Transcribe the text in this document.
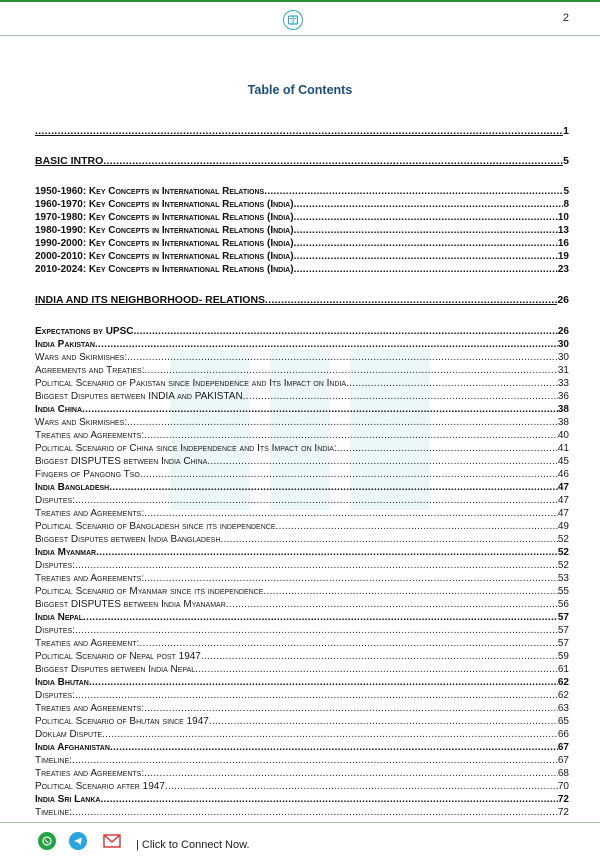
2
Table of Contents
.....
1
BASIC INTRO .....	5
1950-1960: Key Concepts in International Relations .....	5
1960-1970: Key Concepts in International Relations (India) .....	8
1970-1980: Key Concepts in International Relations (India) .....	10
1980-1990: Key Concepts in International Relations (India) .....	13
1990-2000: Key Concepts in International Relations (India) .....	16
2000-2010: Key Concepts in International Relations (India) .....	19
2010-2024: Key Concepts in International Relations (India) .....	23
INDIA AND ITS NEIGHBORHOOD- RELATIONS .....	26
Expectations by UPSC .....	26
India Pakistan .....	30
Wars and Skirmishes: .....	30
Agreements and Treaties: .....	31
Political Scenario of Pakistan since Independence and Its Impact on India .....	33
Biggest Disputes between INDIA and PAKISTAN .....	36
India China .....	38
Wars and Skirmishes: .....	38
Treaties and Agreements: .....	40
Political Scenario of China since Independence and Its Impact on India: .....	41
Biggest DISPUTES between India China .....	45
Fingers of Pangong Tso .....	46
India Bangladesh .....	47
Disputes: .....	47
Treaties and Agreements: .....	47
Political Scenario of Bangladesh since its independence .....	49
Biggest Disputes between India Bangladesh .....	52
India Myanmar .....	52
Disputes: .....	52
Treaties and Agreements: .....	53
Political Scenario of Myanmar since its independence .....	55
Biggest DISPUTES between India Myanamar .....	56
India Nepal .....	57
Disputes: .....	57
Treaties and Agreement: .....	57
Political Scenario of Nepal post 1947 .....	59
Biggest Disputes between India Nepal .....	61
India Bhutan .....	62
Disputes: .....	62
Treaties and Agreements: .....	63
Political Scenario of Bhutan since 1947 .....	65
Doklam Dispute .....	66
India Afghanistan .....	67
Timeline: .....	67
Treaties and Agreements: .....	68
Political Scenario after 1947 .....	70
India Sri Lanka .....	72
Timeline: .....	72
| Click to Connect Now.
